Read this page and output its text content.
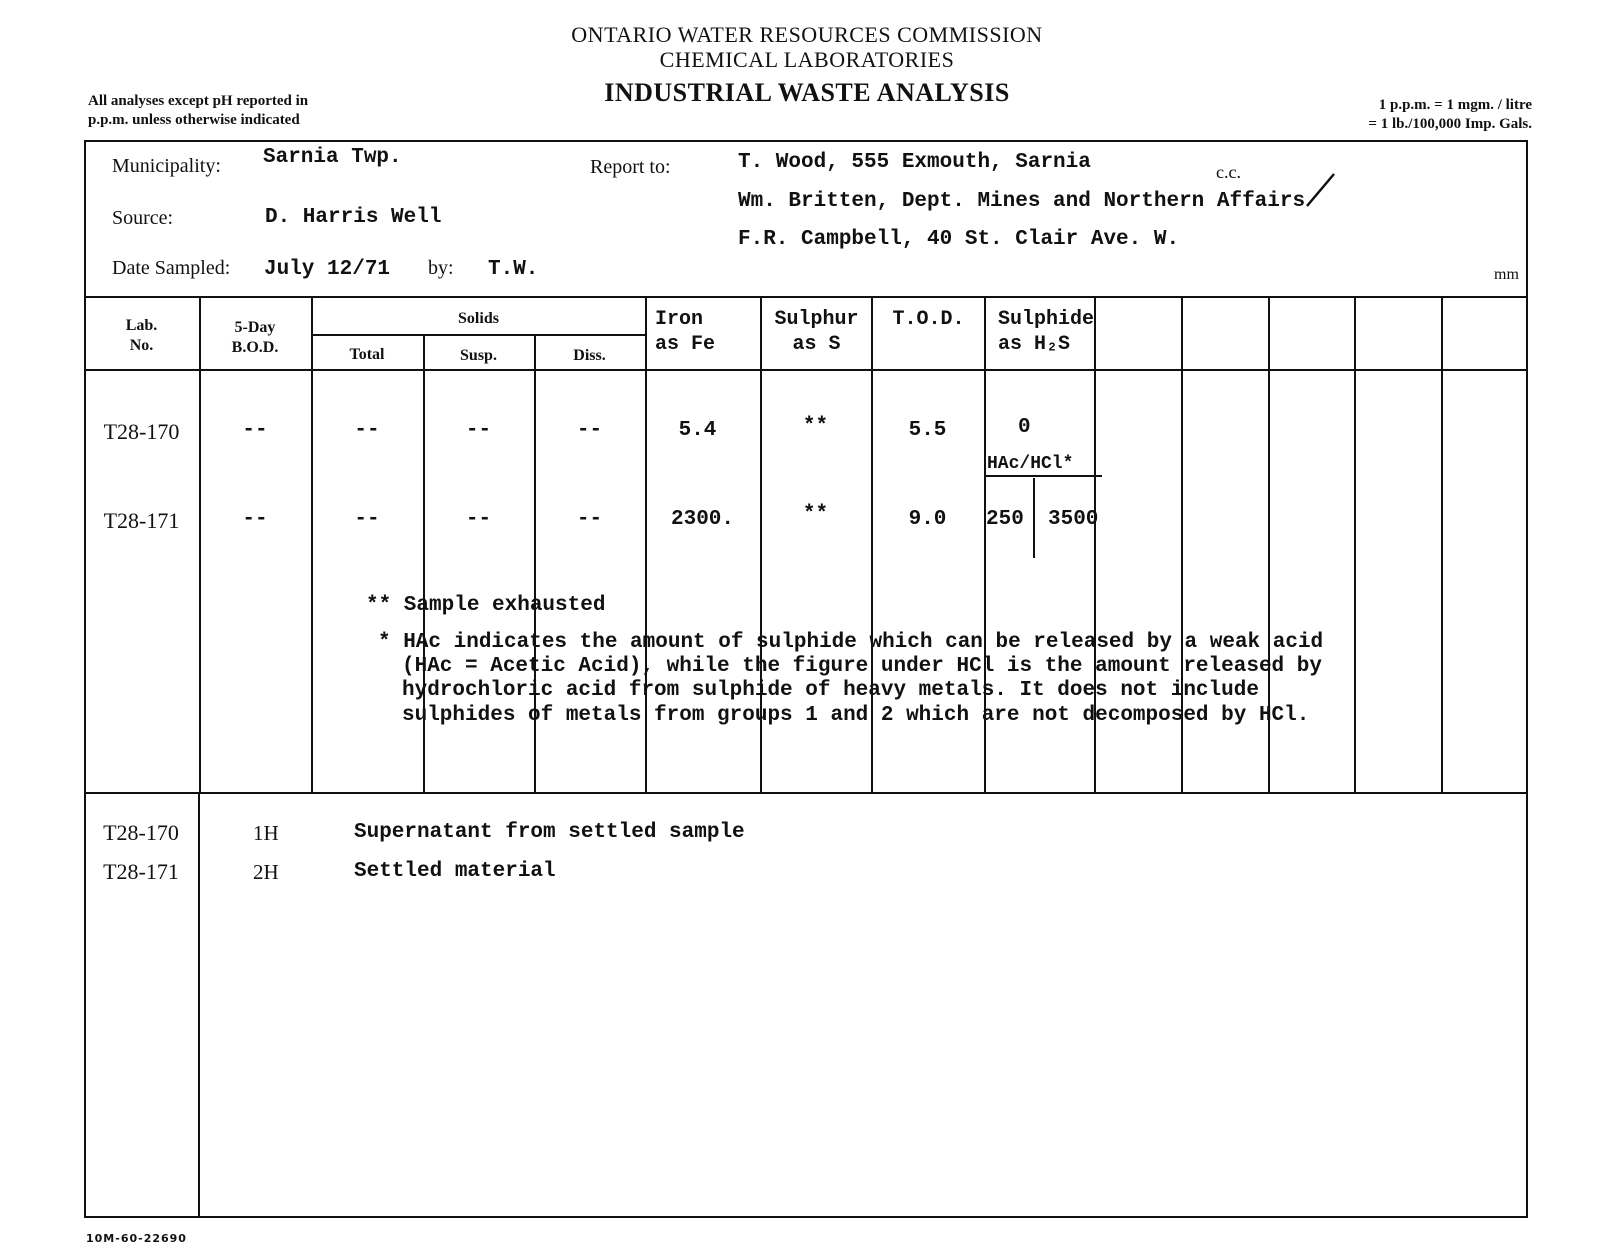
ONTARIO WATER RESOURCES COMMISSION
CHEMICAL LABORATORIES
INDUSTRIAL WASTE ANALYSIS
All analyses except pH reported in
p.p.m. unless otherwise indicated
1 p.p.m. = 1 mgm. / litre
= 1 lb./100,000 Imp. Gals.
Municipality: Sarnia Twp.
Source:	D. Harris Well
Date Sampled: July 12/71 by: T.W.
Report to:	T. Wood, 555 Exmouth, Sarnia	c.c.
Wm. Britten, Dept. Mines and Northern Affairs
F.R. Campbell, 40 St. Clair Ave. W.
mm
Lab.
No.
5-Day
B.O.D.
Solids
Total	Susp.	Diss.
Iron
as Fe
Sulphur
as S
T.O.D.	Sulphide
as H₂S
T28-170	--	--	--	--	5.4	**	5.5	0
HAc/HCl*
T28-171	--	--	--	--	2300.	**	9.0	250 3500
** Sample exhausted
* HAc indicates the amount of sulphide which can be released by a weak acid
(HAc = Acetic Acid), while the figure under HCl is the amount released by
hydrochloric acid from sulphide of heavy metals. It does not include
sulphides of metals from groups 1 and 2 which are not decomposed by HCl.
T28-170	1H	Supernatant from settled sample
T28-171	2H	Settled material
10M-60-22690
